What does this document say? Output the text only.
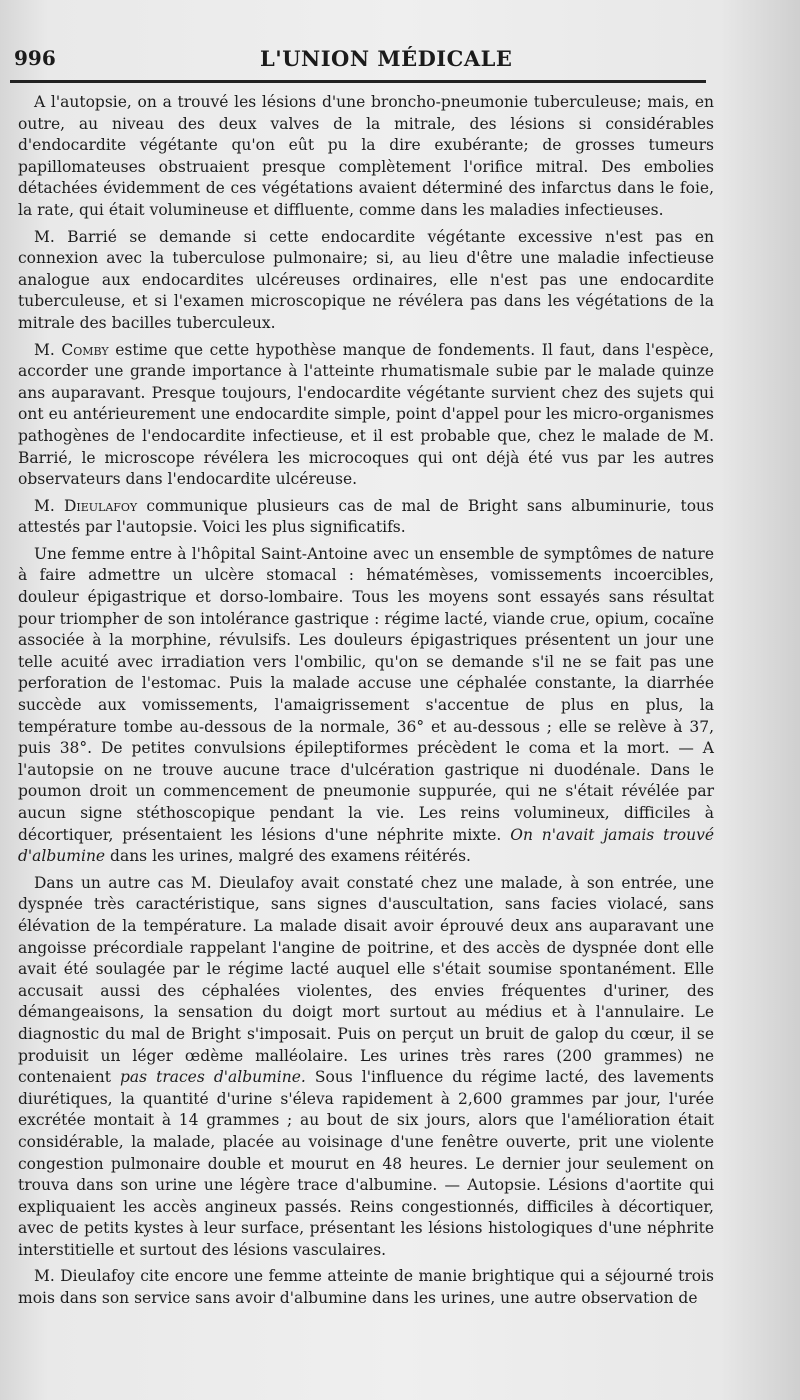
996	L'UNION MÉDICALE

A l'autopsie, on a trouvé les lésions d'une broncho-pneumonie tuberculeuse; mais, en outre, au niveau des deux valves de la mitrale, des lésions si considérables d'endocardite végétante qu'on eût pu la dire exubérante; de grosses tumeurs papillomateuses obstruaient presque complètement l'orifice mitral. Des embolies détachées évidemment de ces végétations avaient déterminé des infarctus dans le foie, la rate, qui était volumineuse et diffluente, comme dans les maladies infectieuses.

M. Barrié se demande si cette endocardite végétante excessive n'est pas en connexion avec la tuberculose pulmonaire; si, au lieu d'être une maladie infectieuse analogue aux endocardites ulcéreuses ordinaires, elle n'est pas une endocardite tuberculeuse, et si l'examen microscopique ne révélera pas dans les végétations de la mitrale des bacilles tuberculeux.

M. Comby estime que cette hypothèse manque de fondements. Il faut, dans l'espèce, accorder une grande importance à l'atteinte rhumatismale subie par le malade quinze ans auparavant. Presque toujours, l'endocardite végétante survient chez des sujets qui ont eu antérieurement une endocardite simple, point d'appel pour les micro-organismes pathogènes de l'endocardite infectieuse, et il est probable que, chez le malade de M. Barrié, le microscope révélera les microcoques qui ont déjà été vus par les autres observateurs dans l'endocardite ulcéreuse.

M. Dieulafoy communique plusieurs cas de mal de Bright sans albuminurie, tous attestés par l'autopsie. Voici les plus significatifs.

Une femme entre à l'hôpital Saint-Antoine avec un ensemble de symptômes de nature à faire admettre un ulcère stomacal : hématémèses, vomissements incoercibles, douleur épigastrique et dorso-lombaire. Tous les moyens sont essayés sans résultat pour triompher de son intolérance gastrique : régime lacté, viande crue, opium, cocaïne associée à la morphine, révulsifs. Les douleurs épigastriques présentent un jour une telle acuité avec irradiation vers l'ombilic, qu'on se demande s'il ne se fait pas une perforation de l'estomac. Puis la malade accuse une céphalée constante, la diarrhée succède aux vomissements, l'amaigrissement s'accentue de plus en plus, la température tombe au-dessous de la normale, 36° et au-dessous ; elle se relève à 37, puis 38°. De petites convulsions épileptiformes précèdent le coma et la mort. — A l'autopsie on ne trouve aucune trace d'ulcération gastrique ni duodénale. Dans le poumon droit un commencement de pneumonie suppurée, qui ne s'était révélée par aucun signe stéthoscopique pendant la vie. Les reins volumineux, difficiles à décortiquer, présentaient les lésions d'une néphrite mixte. On n'avait jamais trouvé d'albumine dans les urines, malgré des examens réitérés.

Dans un autre cas M. Dieulafoy avait constaté chez une malade, à son entrée, une dyspnée très caractéristique, sans signes d'auscultation, sans facies violacé, sans élévation de la température. La malade disait avoir éprouvé deux ans auparavant une angoisse précordiale rappelant l'angine de poitrine, et des accès de dyspnée dont elle avait été soulagée par le régime lacté auquel elle s'était soumise spontanément. Elle accusait aussi des céphalées violentes, des envies fréquentes d'uriner, des démangeaisons, la sensation du doigt mort surtout au médius et à l'annulaire. Le diagnostic du mal de Bright s'imposait. Puis on perçut un bruit de galop du cœur, il se produisit un léger œdème malléolaire. Les urines très rares (200 grammes) ne contenaient pas traces d'albumine. Sous l'influence du régime lacté, des lavements diurétiques, la quantité d'urine s'éleva rapidement à 2,600 grammes par jour, l'urée excrétée montait à 14 grammes ; au bout de six jours, alors que l'amélioration était considérable, la malade, placée au voisinage d'une fenêtre ouverte, prit une violente congestion pulmonaire double et mourut en 48 heures. Le dernier jour seulement on trouva dans son urine une légère trace d'albumine. — Autopsie. Lésions d'aortite qui expliquaient les accès angineux passés. Reins congestionnés, difficiles à décortiquer, avec de petits kystes à leur surface, présentant les lésions histologiques d'une néphrite interstitielle et surtout des lésions vasculaires.

M. Dieulafoy cite encore une femme atteinte de manie brightique qui a séjourné trois mois dans son service sans avoir d'albumine dans les urines, une autre observation de
